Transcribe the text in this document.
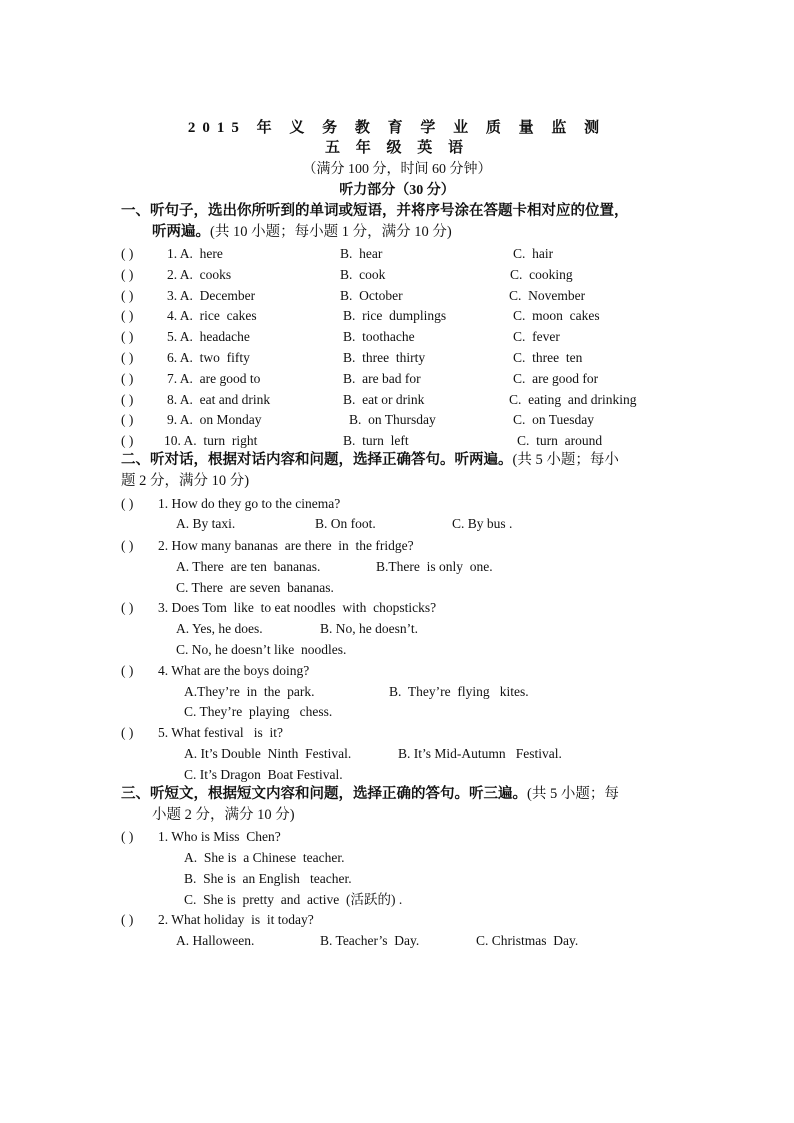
2015 年 义 务 教 育 学 业 质 量 监 测
五 年 级 英 语
（满分 100 分，时间 60 分钟）
听力部分（30 分）
一、听句子，选出你所听到的单词或短语，并将序号涂在答题卡相对应的位置，
听两遍。(共 10 小题；每小题 1 分，满分 10 分)
( ) 1. A.  here	B.  hear	C.  hair
( ) 2. A.  cooks	B.  cook	C.  cooking
( ) 3. A.  December	B.  October	C.  November
( ) 4. A.  rice  cakes	B.  rice  dumplings	C.  moon  cakes
( ) 5. A.  headache	B.  toothache	C.  fever
( ) 6. A.  two  fifty	B.  three  thirty	C.  three  ten
( ) 7. A.  are good to	B.  are bad for	C.  are good for
( ) 8. A.  eat and drink	B.  eat or drink	C.  eating  and drinking
( ) 9. A.  on Monday	B.  on Thursday	C.  on Tuesday
( ) 10. A.  turn  right	B.  turn  left	C.  turn  around
二、听对话，根据对话内容和问题，选择正确答句。听两遍。(共 5 小题；每小
题 2 分，满分 10 分)
( ) 1. How do they go to the cinema?
A. By taxi.	B. On foot.	C. By bus .
( ) 2. How many bananas  are there  in  the fridge?
A. There  are ten  bananas.	B.There  is only  one.
C. There  are seven  bananas.
( ) 3. Does Tom  like  to eat noodles  with  chopsticks?
A. Yes, he does.	B. No, he doesn’t.
C. No, he doesn’t like  noodles.
( ) 4. What are the boys doing?
A.They’re  in  the  park.	B.  They’re  flying   kites.
C. They’re  playing   chess.
( ) 5. What festival   is  it?
A. It’s Double  Ninth  Festival.	B. It’s Mid-Autumn   Festival.
C. It’s Dragon  Boat Festival.
三、听短文，根据短文内容和问题，选择正确的答句。听三遍。(共 5 小题；每

小题 2 分，满分 10 分)
( ) 1. Who is Miss  Chen?
A.  She is  a Chinese  teacher.
B.  She is  an English   teacher.
C.  She is  pretty  and  active  (活跃的) .
( ) 2. What holiday  is  it today?
A. Halloween.	B. Teacher’s  Day.	C. Christmas  Day.
